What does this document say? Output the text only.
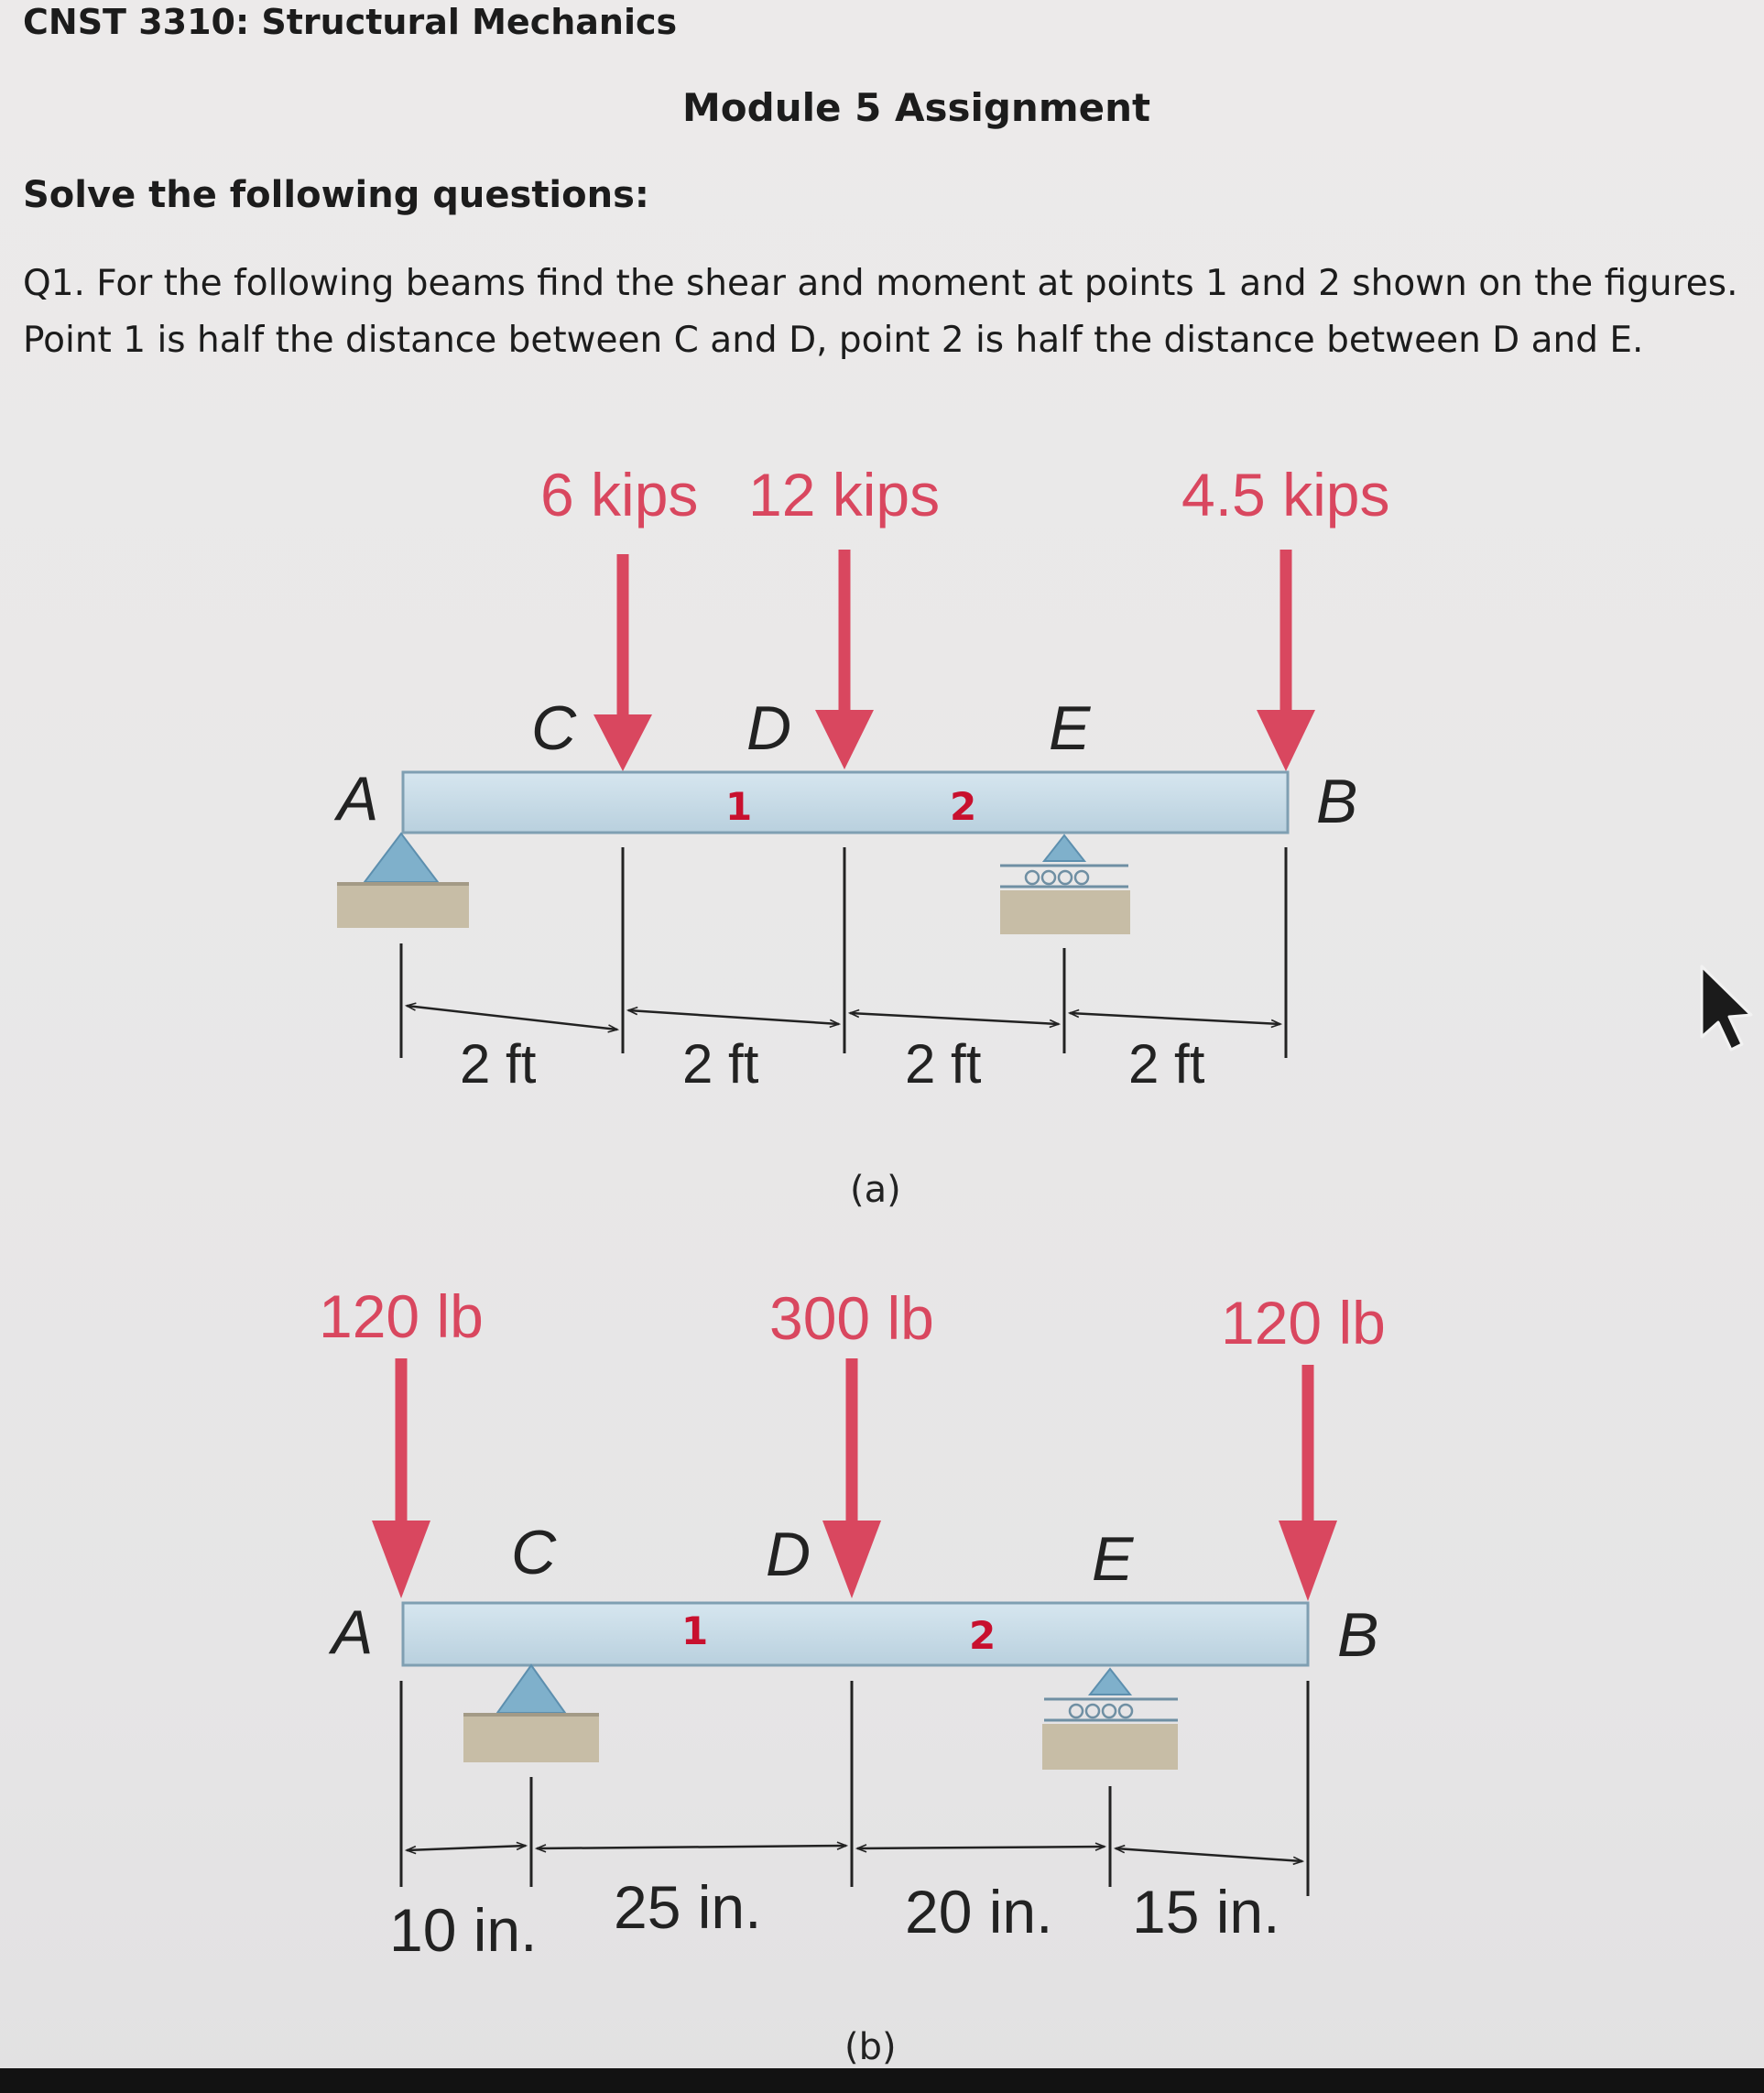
CNST 3310: Structural Mechanics
Module 5 Assignment
Solve the following questions:
Q1. For the following beams find the shear and moment at points 1 and 2 shown on the figures.
Point 1 is half the distance between C and D, point 2 is half the distance between D and E.
6 kips 12 kips	4.5 kips
A
C	D	E
B
1	2
2 ft	2 ft	2 ft	2 ft
(a)
120 lb	300 lb	120 lb
A
C	D	E
B
1	2
10 in. 25 in. 20 in. 15 in.
(b)
